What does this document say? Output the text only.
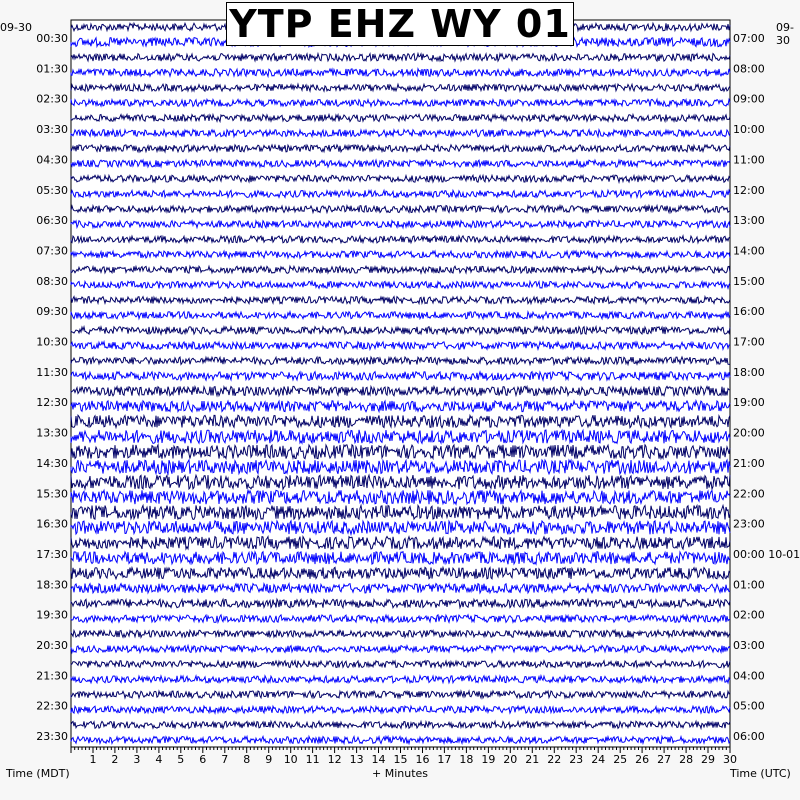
00:30
01:30
02:30
03:30
04:30
05:30
06:30
07:30
08:30
09:30
10:30
11:30
12:30
13:30
14:30
15:30
16:30
17:30
18:30
19:30
20:30
21:30
22:30
23:30
07:00
08:00
09:00
10:00
11:00
12:00
13:00
14:00
15:00
16:00
17:00
18:00
19:00
20:00
21:00
22:00
23:00
00:00 10-01
01:00
02:00
03:00
04:00
05:00
06:00
1 2 3 4 5 6 7 8 9 10 11 12 13 14 15 16 17 18 19 20 21 22 23 24 25 26 27 28 29 30
Time (MDT)	+ Minutes	Time (UTC)
09-30	09-30
YTP EHZ WY 01
